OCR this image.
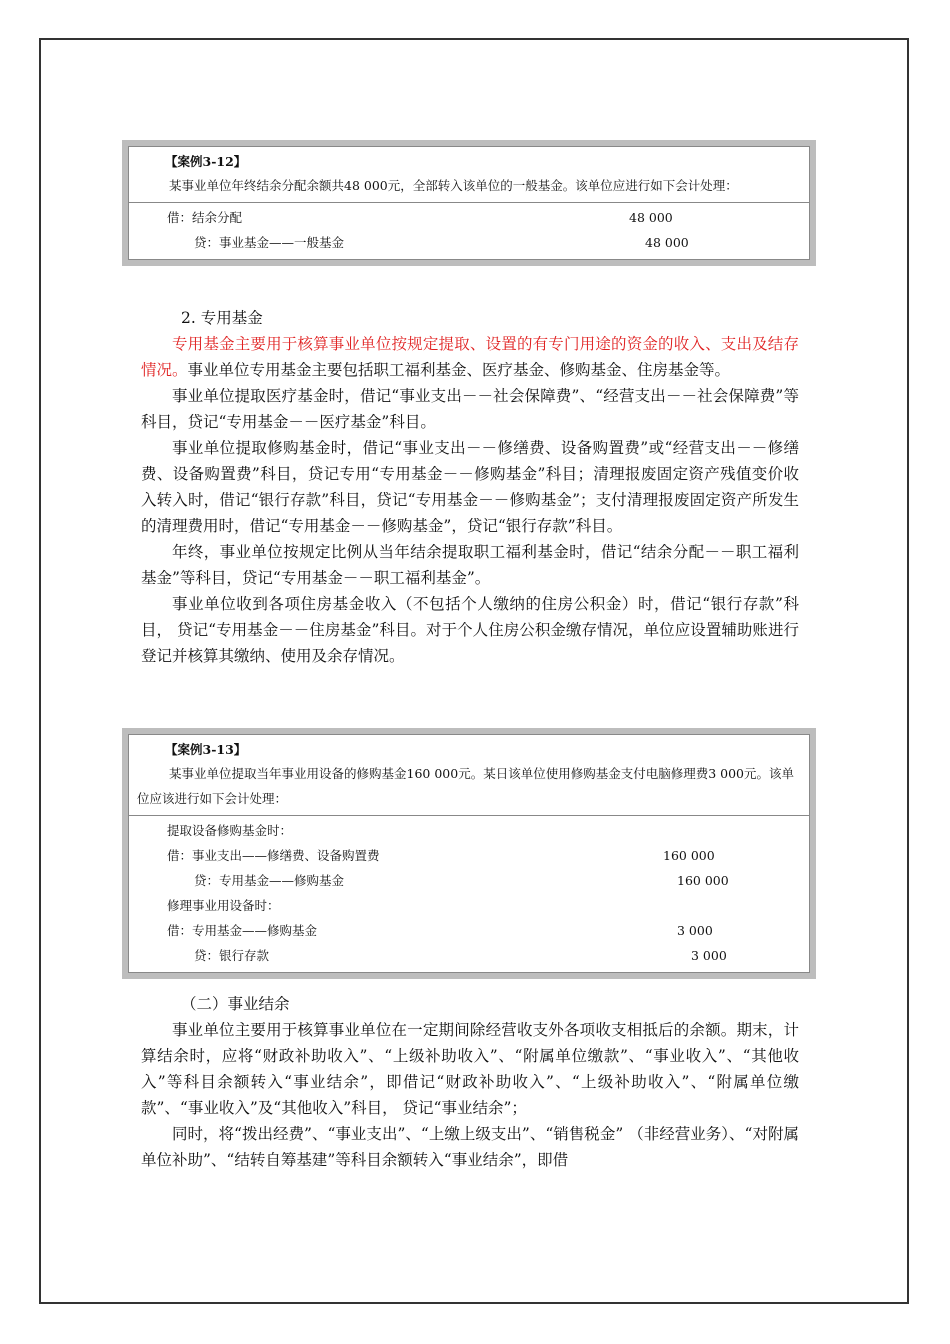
【案例3-12】
某事业单位年终结余分配余额共48 000元，全部转入该单位的一般基金。该单位应进行如下会计处理：
借：结余分配	48 000
贷：事业基金——一般基金	48 000
2. 专用基金

专用基金主要用于核算事业单位按规定提取、设置的有专门用途的资金的收入、支出及结存情况。事业单位专用基金主要包括职工福利基金、医疗基金、修购基金、住房基金等。

事业单位提取医疗基金时，借记“事业支出－－社会保障费”、“经营支出－－社会保障费”等科目，贷记“专用基金－－医疗基金”科目。

事业单位提取修购基金时，借记“事业支出－－修缮费、设备购置费”或“经营支出－－修缮费、设备购置费”科目，贷记专用“专用基金－－修购基金”科目；清理报废固定资产残值变价收入转入时，借记“银行存款”科目，贷记“专用基金－－修购基金”；支付清理报废固定资产所发生的清理费用时，借记“专用基金－－修购基金”，贷记“银行存款”科目。

年终，事业单位按规定比例从当年结余提取职工福利基金时，借记“结余分配－－职工福利基金”等科目，贷记“专用基金－－职工福利基金”。

事业单位收到各项住房基金收入（不包括个人缴纳的住房公积金）时，借记“银行存款”科目， 贷记“专用基金－－住房基金”科目。对于个人住房公积金缴存情况，单位应设置辅助账进行登记并核算其缴纳、使用及余存情况。

【案例3-13】
某事业单位提取当年事业用设备的修购基金160 000元。某日该单位使用修购基金支付电脑修理费3 000元。该单位应该进行如下会计处理：
提取设备修购基金时：
借：事业支出——修缮费、设备购置费	160 000
贷：专用基金——修购基金	160 000
修理事业用设备时：
借：专用基金——修购基金	3 000
贷：银行存款	3 000
（二）事业结余

事业单位主要用于核算事业单位在一定期间除经营收支外各项收支相抵后的余额。期末，计算结余时，应将“财政补助收入”、“上级补助收入”、“附属单位缴款”、“事业收入”、“其他收入”等科目余额转入“事业结余”，即借记“财政补助收入”、“上级补助收入”、“附属单位缴款”、“事业收入”及“其他收入”科目， 贷记“事业结余”；

同时，将“拨出经费”、“事业支出”、“上缴上级支出”、“销售税金” （非经营业务）、“对附属单位补助”、“结转自筹基建”等科目余额转入“事业结余”，即借
